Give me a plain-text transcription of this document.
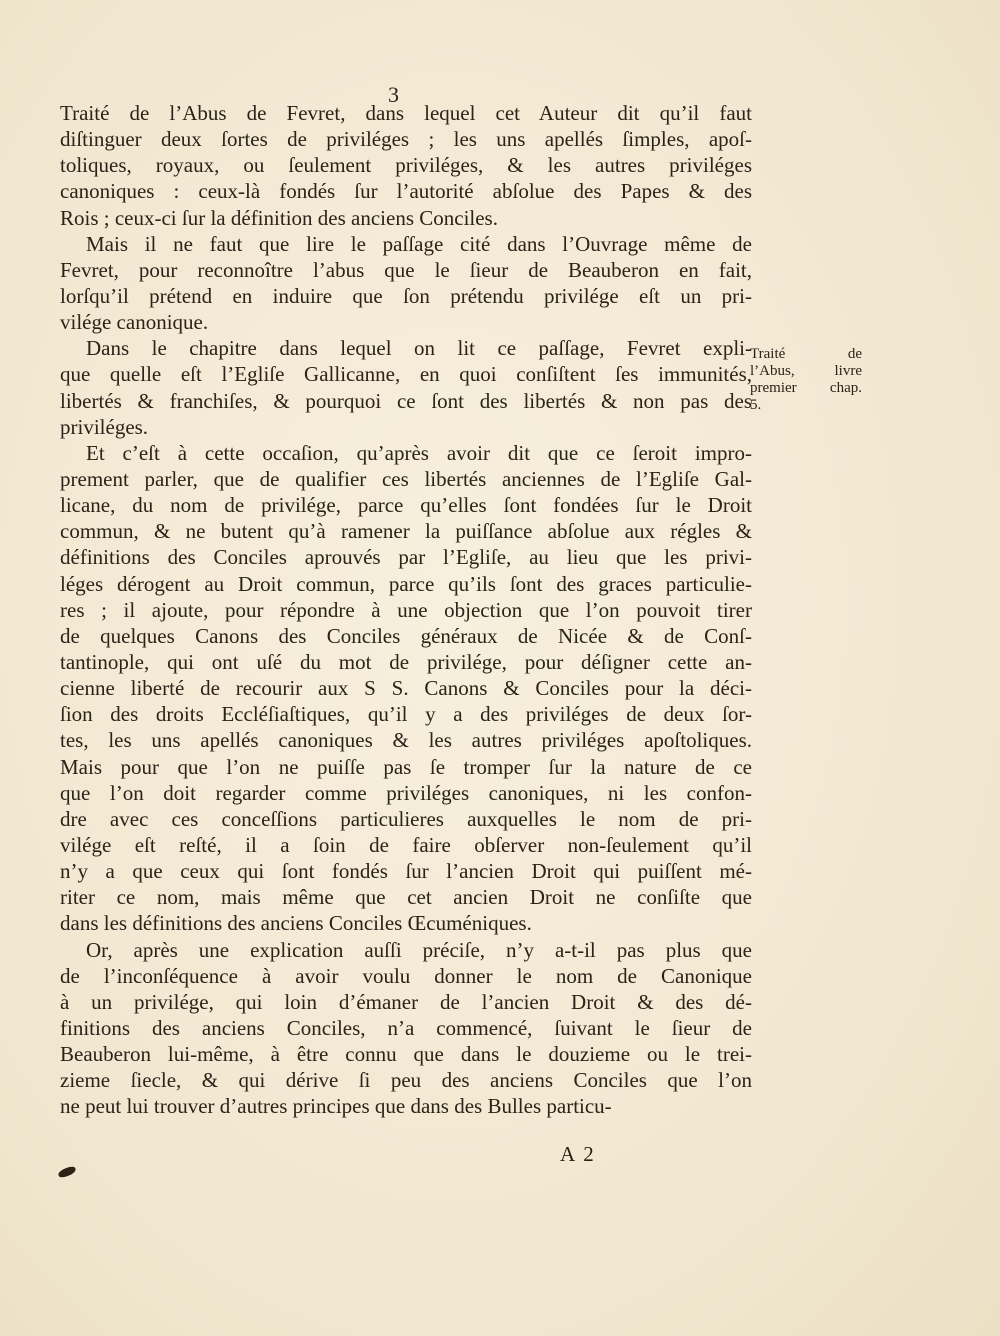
3
Traité de l’Abus de Fevret, dans lequel cet Auteur dit qu’il faut
diſtinguer deux ſortes de priviléges ; les uns apellés ſimples, apoſ-
toliques, royaux, ou ſeulement priviléges, & les autres priviléges
canoniques : ceux-là fondés ſur l’autorité abſolue des Papes & des
Rois ; ceux-ci ſur la définition des anciens Conciles.
Mais il ne faut que lire le paſſage cité dans l’Ouvrage même de
Fevret, pour reconnoître l’abus que le ſieur de Beauberon en fait,
lorſqu’il prétend en induire que ſon prétendu privilége eſt un pri-
vilége canonique.
Dans le chapitre dans lequel on lit ce paſſage, Fevret expli-
que quelle eſt l’Egliſe Gallicanne, en quoi conſiſtent ſes immunités,
libertés & franchiſes, & pourquoi ce ſont des libertés & non pas des
priviléges.
Et c’eſt à cette occaſion, qu’après avoir dit que ce ſeroit impro-
prement parler, que de qualifier ces libertés anciennes de l’Egliſe Gal-
licane, du nom de privilége, parce qu’elles ſont fondées ſur le Droit
commun, & ne butent qu’à ramener la puiſſance abſolue aux régles &
définitions des Conciles aprouvés par l’Egliſe, au lieu que les privi-
léges dérogent au Droit commun, parce qu’ils ſont des graces particulie-
res ; il ajoute, pour répondre à une objection que l’on pouvoit tirer
de quelques Canons des Conciles généraux de Nicée & de Conſ-
tantinople, qui ont uſé du mot de privilége, pour déſigner cette an-
cienne liberté de recourir aux S S. Canons & Conciles pour la déci-
ſion des droits Eccléſiaſtiques, qu’il y a des priviléges de deux ſor-
tes, les uns apellés canoniques & les autres priviléges apoſtoliques.
Mais pour que l’on ne puiſſe pas ſe tromper ſur la nature de ce
que l’on doit regarder comme priviléges canoniques, ni les confon-
dre avec ces conceſſions particulieres auxquelles le nom de pri-
vilége eſt reſté, il a ſoin de faire obſerver non-ſeulement qu’il
n’y a que ceux qui ſont fondés ſur l’ancien Droit qui puiſſent mé-
riter ce nom, mais même que cet ancien Droit ne conſiſte que
dans les définitions des anciens Conciles Œcuméniques.
Or, après une explication auſſi préciſe, n’y a-t-il pas plus que
de l’inconſéquence à avoir voulu donner le nom de Canonique
à un privilége, qui loin d’émaner de l’ancien Droit & des dé-
finitions des anciens Conciles, n’a commencé, ſuivant le ſieur de
Beauberon lui-même, à être connu que dans le douzieme ou le trei-
zieme ſiecle, & qui dérive ſi peu des anciens Conciles que l’on
ne peut lui trouver d’autres principes que dans des Bulles particu-
Traité de
l’Abus, livre
premier chap.
5.
A 2
